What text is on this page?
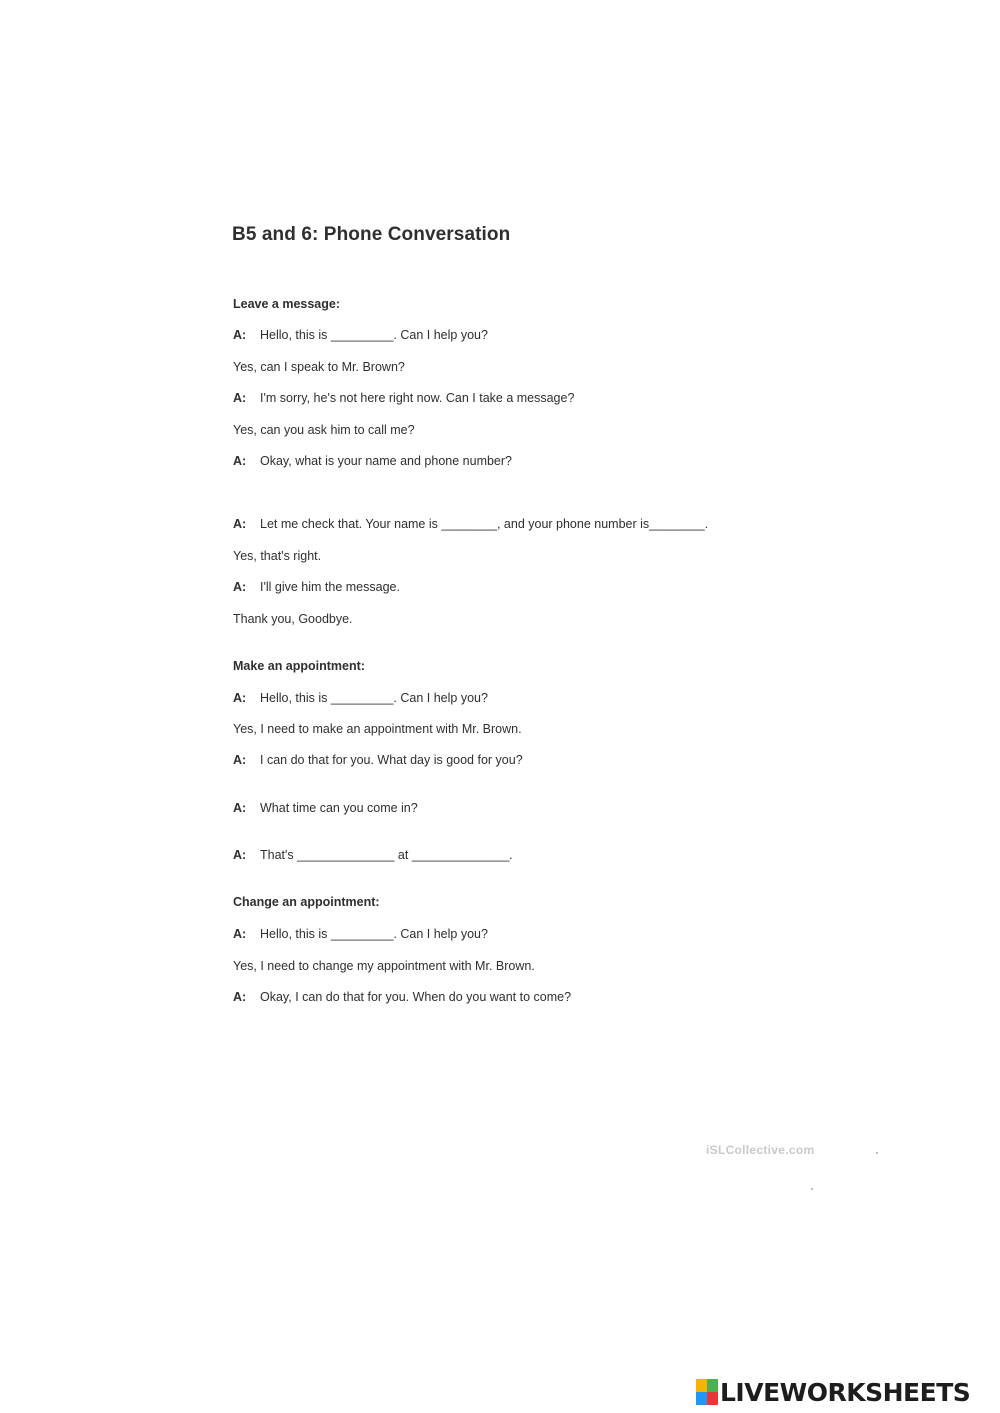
B5 and 6: Phone Conversation
Leave a message:
A: Hello, this is _________. Can I help you?
Yes, can I speak to Mr. Brown?
A: I'm sorry, he's not here right now. Can I take a message?
Yes, can you ask him to call me?
A: Okay, what is your name and phone number?
A: Let me check that. Your name is ________, and your phone number is________.
Yes, that's right.
A: I'll give him the message.
Thank you, Goodbye.
Make an appointment:
A: Hello, this is _________. Can I help you?
Yes, I need to make an appointment with Mr. Brown.
A: I can do that for you. What day is good for you?
A: What time can you come in?
A: That's ______________ at ______________.
Change an appointment:
A: Hello, this is _________. Can I help you?
Yes, I need to change my appointment with Mr. Brown.
A: Okay, I can do that for you. When do you want to come?
iSLCollective.com
LIVEWORKSHEETS
